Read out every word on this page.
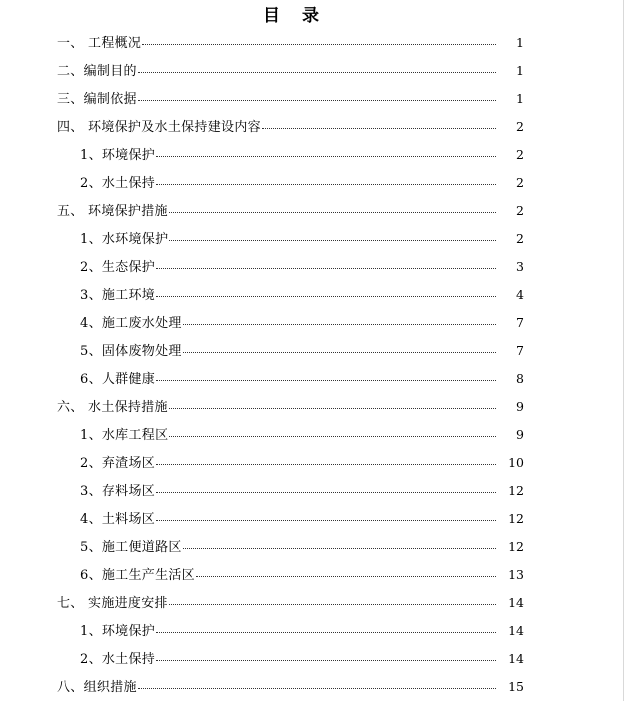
目 录
一、 工程概况	1
二、编制目的	1
三、编制依据	1
四、 环境保护及水土保持建设内容	2
1、环境保护	2
2、水土保持	2
五、 环境保护措施	2
1、水环境保护	2
2、生态保护	3
3、施工环境	4
4、施工废水处理	7
5、固体废物处理	7
6、人群健康	8
六、 水土保持措施	9
1、水库工程区	9
2、弃渣场区	10
3、存料场区	12
4、土料场区	12
5、施工便道路区	12
6、施工生产生活区	13
七、 实施进度安排	14
1、环境保护	14
2、水土保持	14
八、组织措施	15
